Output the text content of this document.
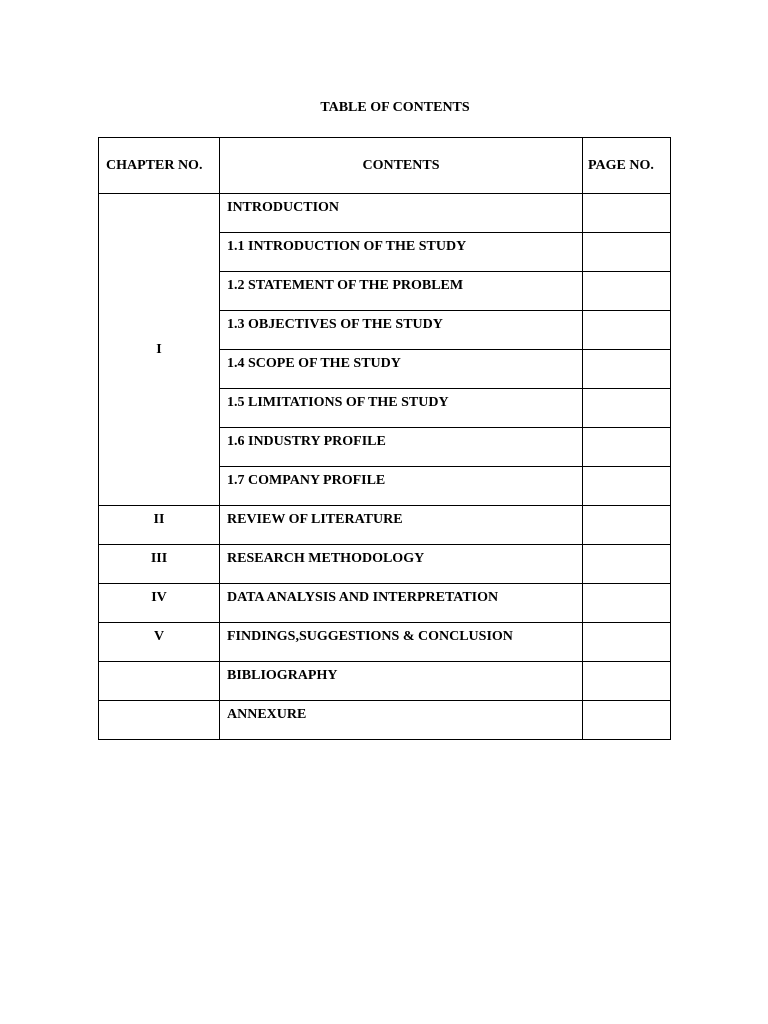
TABLE OF CONTENTS
CHAPTER NO.	CONTENTS	PAGE NO.
I	INTRODUCTION	
	1.1 INTRODUCTION OF THE STUDY	
	1.2 STATEMENT OF THE PROBLEM	
	1.3 OBJECTIVES OF THE STUDY	
	1.4 SCOPE OF THE STUDY	
	1.5 LIMITATIONS OF THE STUDY	
	1.6 INDUSTRY PROFILE	
	1.7 COMPANY PROFILE	
II	REVIEW OF LITERATURE	
III	RESEARCH METHODOLOGY	
IV	DATA ANALYSIS AND INTERPRETATION	
V	FINDINGS,SUGGESTIONS & CONCLUSION	
	BIBLIOGRAPHY	
	ANNEXURE	
